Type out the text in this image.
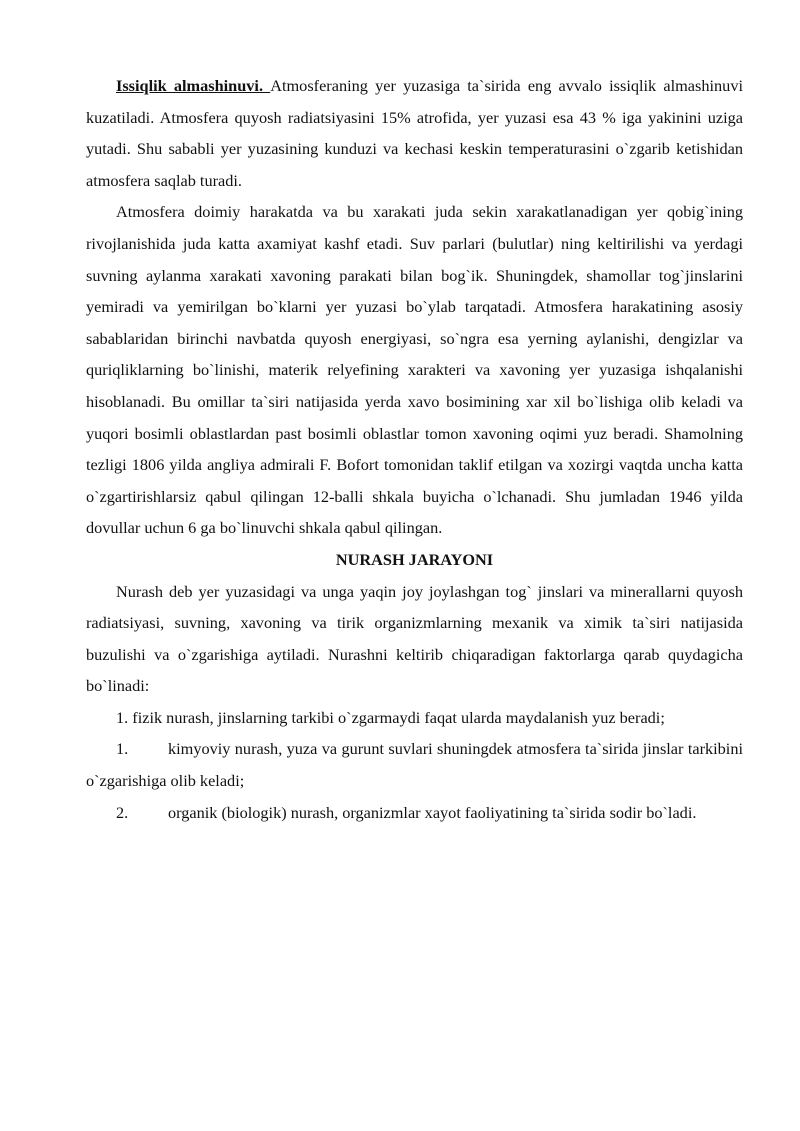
Issiqlik almashinuvi. Atmosferaning yer yuzasiga ta`sirida eng avvalo issiqlik almashinuvi kuzatiladi. Atmosfera quyosh radiatsiyasini 15% atrofida, yer yuzasi esa 43 % iga yakinini uziga yutadi. Shu sababli yer yuzasining kunduzi va kechasi keskin temperaturasini o`zgarib ketishidan atmosfera saqlab turadi.

Atmosfera doimiy harakatda va bu xarakati juda sekin xarakatlanadigan yer qobig`ining rivojlanishida juda katta axamiyat kashf etadi. Suv parlari (bulutlar) ning keltirilishi va yerdagi suvning aylanma xarakati xavoning parakati bilan bog`ik. Shuningdek, shamollar tog`jinslarini yemiradi va yemirilgan bo`klarni yer yuzasi bo`ylab tarqatadi. Atmosfera harakatining asosiy sabablaridan birinchi navbatda quyosh energiyasi, so`ngra esa yerning aylanishi, dengizlar va quriqliklarning bo`linishi, materik relyefining xarakteri va xavoning yer yuzasiga ishqalanishi hisoblanadi. Bu omillar ta`siri natijasida yerda xavo bosimining xar xil bo`lishiga olib keladi va yuqori bosimli oblastlardan past bosimli oblastlar tomon xavoning oqimi yuz beradi. Shamolning tezligi 1806 yilda angliya admirali F. Bofort tomonidan taklif etilgan va xozirgi vaqtda uncha katta o`zgartirishlarsiz qabul qilingan 12-balli shkala buyicha o`lchanadi. Shu jumladan 1946 yilda dovullar uchun 6 ga bo`linuvchi shkala qabul qilingan.

NURASH JARAYONI

Nurash deb yer yuzasidagi va unga yaqin joy joylashgan tog` jinslari va minerallarni quyosh radiatsiyasi, suvning, xavoning va tirik organizmlarning mexanik va ximik ta`siri natijasida buzulishi va o`zgarishiga aytiladi. Nurashni keltirib chiqaradigan faktorlarga qarab quydagicha bo`linadi:

1. fizik nurash, jinslarning tarkibi o`zgarmaydi faqat ularda maydalanish yuz beradi;

1. kimyoviy nurash, yuza va gurunt suvlari shuningdek atmosfera ta`sirida jinslar tarkibini o`zgarishiga olib keladi;

2. organik (biologik) nurash, organizmlar xayot faoliyatining ta`sirida sodir bo`ladi.
